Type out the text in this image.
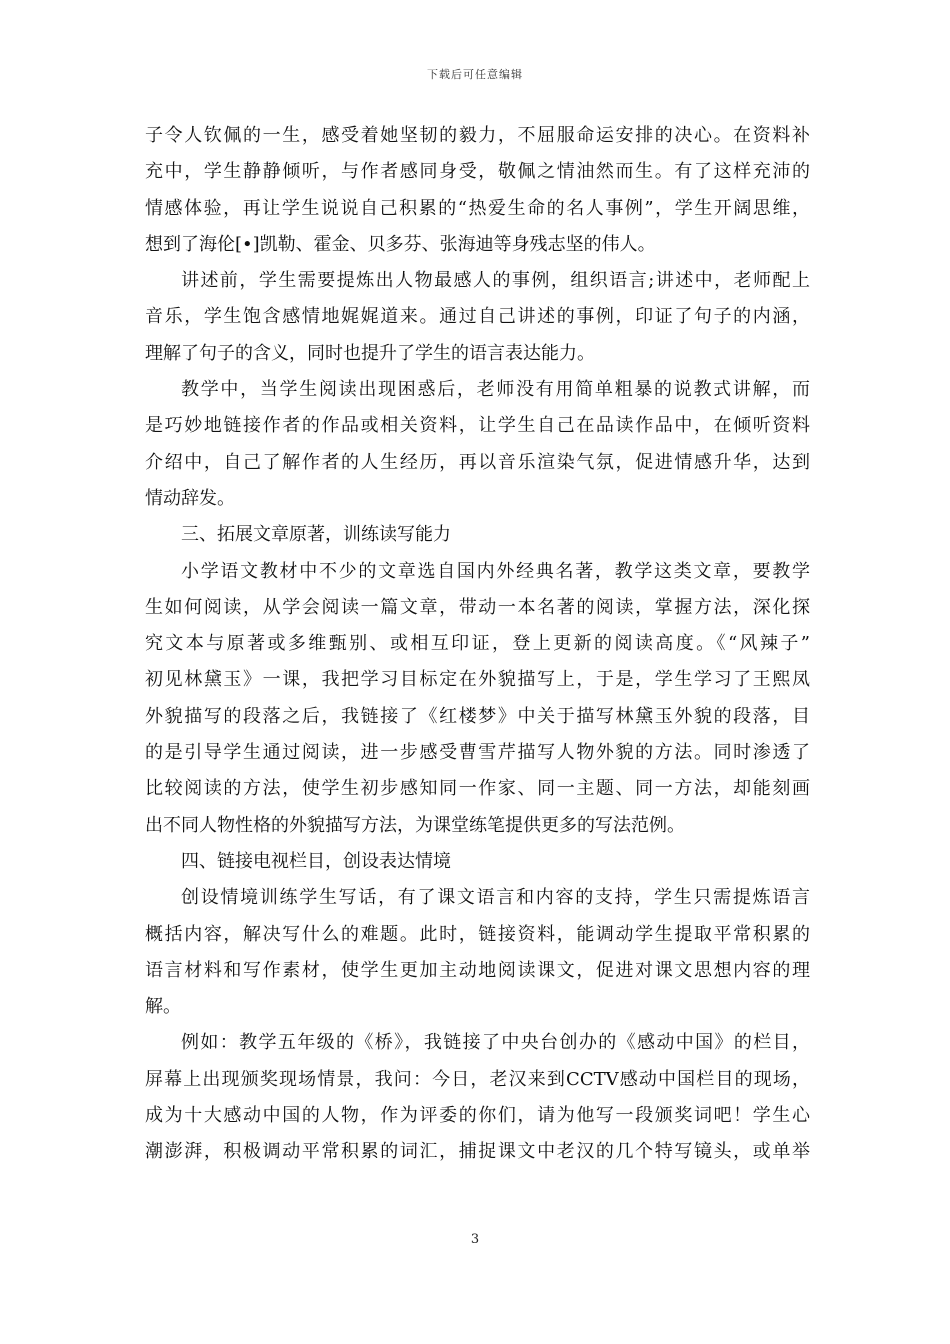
下载后可任意编辑
子令人钦佩的一生，感受着她坚韧的毅力，不屈服命运安排的决心。在资料补
充中，学生静静倾听，与作者感同身受，敬佩之情油然而生。有了这样充沛的
情感体验，再让学生说说自己积累的“热爱生命的名人事例”，学生开阔思维，
想到了海伦[•]凯勒、霍金、贝多芬、张海迪等身残志坚的伟人。
讲述前，学生需要提炼出人物最感人的事例，组织语言;讲述中，老师配上
音乐，学生饱含感情地娓娓道来。通过自己讲述的事例，印证了句子的内涵，
理解了句子的含义，同时也提升了学生的语言表达能力。
教学中，当学生阅读出现困惑后，老师没有用简单粗暴的说教式讲解，而
是巧妙地链接作者的作品或相关资料，让学生自己在品读作品中，在倾听资料
介绍中，自己了解作者的人生经历，再以音乐渲染气氛，促进情感升华，达到
情动辞发。
三、拓展文章原著，训练读写能力
小学语文教材中不少的文章选自国内外经典名著，教学这类文章，要教学
生如何阅读，从学会阅读一篇文章，带动一本名著的阅读，掌握方法，深化探
究文本与原著或多维甄别、或相互印证，登上更新的阅读高度。《“风辣子”
初见林黛玉》一课，我把学习目标定在外貌描写上，于是，学生学习了王熙凤
外貌描写的段落之后，我链接了《红楼梦》中关于描写林黛玉外貌的段落，目
的是引导学生通过阅读，进一步感受曹雪芹描写人物外貌的方法。同时渗透了
比较阅读的方法，使学生初步感知同一作家、同一主题、同一方法，却能刻画
出不同人物性格的外貌描写方法，为课堂练笔提供更多的写法范例。
四、链接电视栏目，创设表达情境
创设情境训练学生写话，有了课文语言和内容的支持，学生只需提炼语言
概括内容，解决写什么的难题。此时，链接资料，能调动学生提取平常积累的
语言材料和写作素材，使学生更加主动地阅读课文，促进对课文思想内容的理
解。
例如：教学五年级的《桥》，我链接了中央台创办的《感动中国》的栏目，
屏幕上出现颁奖现场情景，我问：今日，老汉来到CCTV感动中国栏目的现场，
成为十大感动中国的人物，作为评委的你们，请为他写一段颁奖词吧！学生心
潮澎湃，积极调动平常积累的词汇，捕捉课文中老汉的几个特写镜头，或单举
3
